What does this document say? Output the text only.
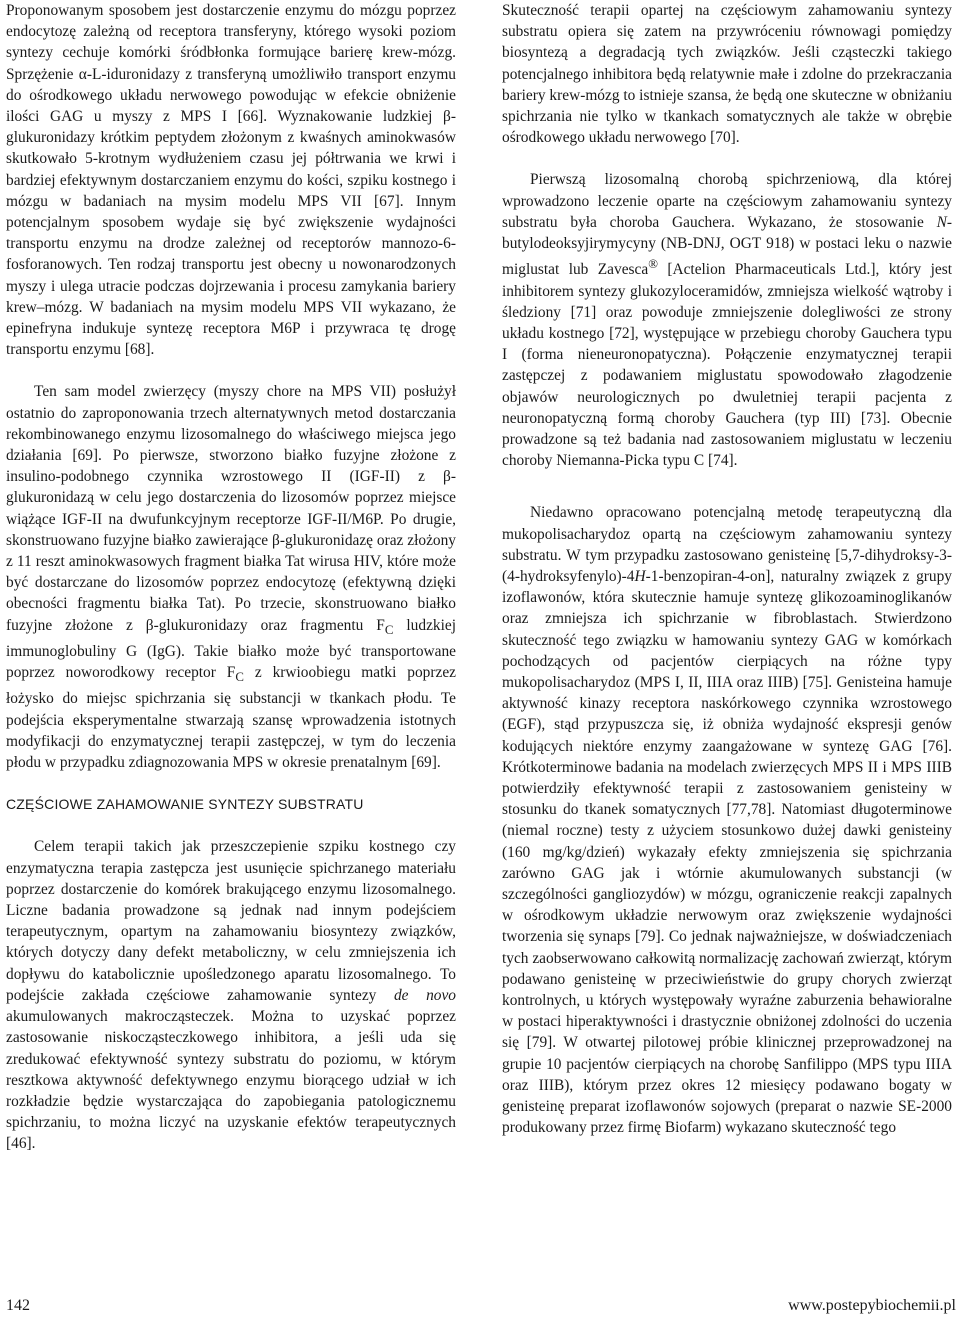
Proponowanym sposobem jest dostarczenie enzymu do mózgu poprzez endocytozę zależną od receptora transferyny, którego wysoki poziom syntezy cechuje komórki śródbłonka formujące barierę krew-mózg. Sprzężenie α-L-iduronidazy z transferyną umożliwiło transport enzymu do ośrodkowego układu nerwowego powodując w efekcie obniżenie ilości GAG u myszy z MPS I [66]. Wyznakowanie ludzkiej β-glukuronidazy krótkim peptydem złożonym z kwaśnych aminokwasów skutkowało 5-krotnym wydłużeniem czasu jej półtrwania we krwi i bardziej efektywnym dostarczaniem enzymu do kości, szpiku kostnego i mózgu w badaniach na mysim modelu MPS VII [67]. Innym potencjalnym sposobem wydaje się być zwiększenie wydajności transportu enzymu na drodze zależnej od receptorów mannozo-6-fosforanowych. Ten rodzaj transportu jest obecny u nowonarodzonych myszy i ulega utracie podczas dojrzewania i procesu zamykania bariery krew–mózg. W badaniach na mysim modelu MPS VII wykazano, że epinefryna indukuje syntezę receptora M6P i przywraca tę drogę transportu enzymu [68].

Ten sam model zwierzęcy (myszy chore na MPS VII) posłużył ostatnio do zaproponowania trzech alternatywnych metod dostarczania rekombinowanego enzymu lizosomalnego do właściwego miejsca jego działania [69]. Po pierwsze, stworzono białko fuzyjne złożone z insulino-podobnego czynnika wzrostowego II (IGF-II) z β-glukuronidazą w celu jego dostarczenia do lizosomów poprzez miejsce wiążące IGF-II na dwufunkcyjnym receptorze IGF-II/M6P. Po drugie, skonstruowano fuzyjne białko zawierające β-glukuronidazę oraz złożony z 11 reszt aminokwasowych fragment białka Tat wirusa HIV, które może być dostarczane do lizosomów poprzez endocytozę (efektywną dzięki obecności fragmentu białka Tat). Po trzecie, skonstruowano białko fuzyjne złożone z β-glukuronidazy oraz fragmentu $F_C$ ludzkiej immunoglobuliny G (IgG). Takie białko może być transportowane poprzez noworodkowy receptor $F_C$ z krwioobiegu matki poprzez łożysko do miejsc spichrzania się substancji w tkankach płodu. Te podejścia eksperymentalne stwarzają szansę wprowadzenia istotnych modyfikacji do enzymatycznej terapii zastępczej, w tym do leczenia płodu w przypadku zdiagnozowania MPS w okresie prenatalnym [69].

CZĘŚCIOWE ZAHAMOWANIE SYNTEZY SUBSTRATU

Celem terapii takich jak przeszczepienie szpiku kostnego czy enzymatyczna terapia zastępcza jest usunięcie spichrzanego materiału poprzez dostarczenie do komórek brakującego enzymu lizosomalnego. Liczne badania prowadzone są jednak nad innym podejściem terapeutycznym, opartym na zahamowaniu biosyntezy związków, których dotyczy dany defekt metaboliczny, w celu zmniejszenia ich dopływu do katabolicznie upośledzonego aparatu lizosomalnego. To podejście zakłada częściowe zahamowanie syntezy de novo akumulowanych makrocząsteczek. Można to uzyskać poprzez zastosowanie niskocząsteczkowego inhibitora, a jeśli uda się zredukować efektywność syntezy substratu do poziomu, w którym resztkowa aktywność defektywnego enzymu biorącego udział w ich rozkładzie będzie wystarczająca do zapobiegania patologicznemu spichrzaniu, to można liczyć na uzyskanie efektów terapeutycznych [46].

Skuteczność terapii opartej na częściowym zahamowaniu syntezy substratu opiera się zatem na przywróceniu równowagi pomiędzy biosyntezą a degradacją tych związków. Jeśli cząsteczki takiego potencjalnego inhibitora będą relatywnie małe i zdolne do przekraczania bariery krew-mózg to istnieje szansa, że będą one skuteczne w obniżaniu spichrzania nie tylko w tkankach somatycznych ale także w obrębie ośrodkowego układu nerwowego [70].

Pierwszą lizosomalną chorobą spichrzeniową, dla której wprowadzono leczenie oparte na częściowym zahamowaniu syntezy substratu była choroba Gauchera. Wykazano, że stosowanie N-butylodeoksyjirymycyny (NB-DNJ, OGT 918) w postaci leku o nazwie miglustat lub Zavesca® [Actelion Pharmaceuticals Ltd.], który jest inhibitorem syntezy glukozyloceramidów, zmniejsza wielkość wątroby i śledziony [71] oraz powoduje zmniejszenie dolegliwości ze strony układu kostnego [72], występujące w przebiegu choroby Gauchera typu I (forma nieneuronopatyczna). Połączenie enzymatycznej terapii zastępczej z podawaniem miglustatu spowodowało złagodzenie objawów neurologicznych po dwuletniej terapii pacjenta z neuronopatyczną formą choroby Gauchera (typ III) [73]. Obecnie prowadzone są też badania nad zastosowaniem miglustatu w leczeniu choroby Niemanna-Picka typu C [74].

Niedawno opracowano potencjalną metodę terapeutyczną dla mukopolisacharydoz opartą na częściowym zahamowaniu syntezy substratu. W tym przypadku zastosowano genisteinę [5,7-dihydroksy-3-(4-hydroksyfenylo)-4H-1-benzopiran-4-on], naturalny związek z grupy izoflawonów, która skutecznie hamuje syntezę glikozoaminoglikanów oraz zmniejsza ich spichrzanie w fibroblastach. Stwierdzono skuteczność tego związku w hamowaniu syntezy GAG w komórkach pochodzących od pacjentów cierpiących na różne typy mukopolisacharydoz (MPS I, II, IIIA oraz IIIB) [75]. Genisteina hamuje aktywność kinazy receptora naskórkowego czynnika wzrostowego (EGF), stąd przypuszcza się, iż obniża wydajność ekspresji genów kodujących niektóre enzymy zaangażowane w syntezę GAG [76]. Krótkoterminowe badania na modelach zwierzęcych MPS II i MPS IIIB potwierdziły efektywność terapii z zastosowaniem genisteiny w stosunku do tkanek somatycznych [77,78]. Natomiast długoterminowe (niemal roczne) testy z użyciem stosunkowo dużej dawki genisteiny (160 mg/kg/dzień) wykazały efekty zmniejszenia się spichrzania zarówno GAG jak i wtórnie akumulowanych substancji (w szczególności gangliozydów) w mózgu, ograniczenie reakcji zapalnych w ośrodkowym układzie nerwowym oraz zwiększenie wydajności tworzenia się synaps [79]. Co jednak najważniejsze, w doświadczeniach tych zaobserwowano całkowitą normalizację zachowań zwierząt, którym podawano genisteinę w przeciwieństwie do grupy chorych zwierząt kontrolnych, u których występowały wyraźne zaburzenia behawioralne w postaci hiperaktywności i drastycznie obniżonej zdolności do uczenia się [79]. W otwartej pilotowej próbie klinicznej przeprowadzonej na grupie 10 pacjentów cierpiących na chorobę Sanfilippo (MPS typu IIIA oraz IIIB), którym przez okres 12 miesięcy podawano bogaty w genisteinę preparat izoflawonów sojowych (preparat o nazwie SE-2000 produkowany przez firmę Biofarm) wykazano skuteczność tego

142	www.postepybiochemii.pl
